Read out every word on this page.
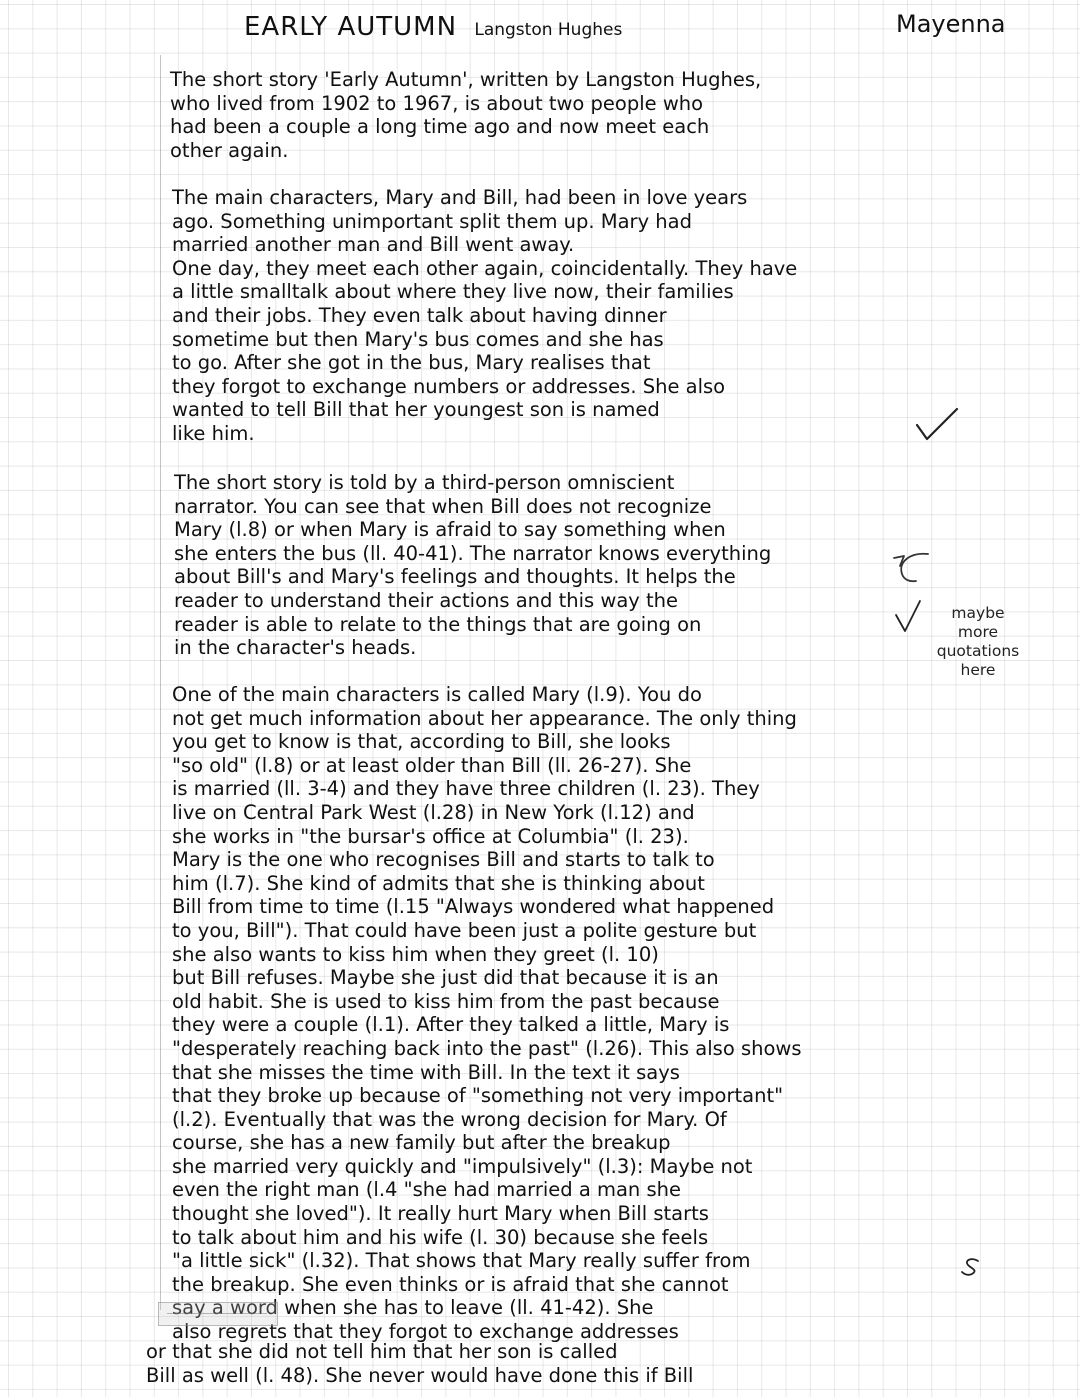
EARLY AUTUMN Langston Hughes	Mayenna

The short story 'Early Autumn', written by Langston Hughes,
who lived from 1902 to 1967, is about two people who
had been a couple a long time ago and now meet each
other again.

The main characters, Mary and Bill, had been in love years
ago. Something unimportant split them up. Mary had
married another man and Bill went away.
One day, they meet each other again, coincidentally. They have
a little smalltalk about where they live now, their families
and their jobs. They even talk about having dinner
sometime but then Mary's bus comes and she has
to go. After she got in the bus, Mary realises that
they forgot to exchange numbers or addresses. She also
wanted to tell Bill that her youngest son is named
like him.

The short story is told by a third-person omniscient
narrator. You can see that when Bill does not recognize
Mary (l.8) or when Mary is afraid to say something when
she enters the bus (ll. 40-41). The narrator knows everything
about Bill's and Mary's feelings and thoughts. It helps the
reader to understand their actions and this way the
reader is able to relate to the things that are going on
in the character's heads.

One of the main characters is called Mary (l.9). You do
not get much information about her appearance. The only thing
you get to know is that, according to Bill, she looks
"so old" (l.8) or at least older than Bill (ll. 26-27). She
is married (ll. 3-4) and they have three children (l. 23). They
live on Central Park West (l.28) in New York (l.12) and
she works in "the bursar's office at Columbia" (l. 23).
Mary is the one who recognises Bill and starts to talk to
him (l.7). She kind of admits that she is thinking about
Bill from time to time (l.15 "Always wondered what happened
to you, Bill"). That could have been just a polite gesture but
she also wants to kiss him when they greet (l. 10)
but Bill refuses. Maybe she just did that because it is an
old habit. She is used to kiss him from the past because
they were a couple (l.1). After they talked a little, Mary is
"desperately reaching back into the past" (l.26). This also shows
that she misses the time with Bill. In the text it says
that they broke up because of "something not very important"
(l.2). Eventually that was the wrong decision for Mary. Of
course, she has a new family but after the breakup
she married very quickly and "impulsively" (l.3): Maybe not
even the right man (l.4 "she had married a man she
thought she loved"). It really hurt Mary when Bill starts
to talk about him and his wife (l. 30) because she feels
"a little sick" (l.32). That shows that Mary really suffer from
the breakup. She even thinks or is afraid that she cannot
say a word when she has to leave (ll. 41-42). She
also regrets that they forgot to exchange addresses

or that she did not tell him that her son is called
Bill as well (l. 48). She never would have done this if Bill

maybe
more
quotations
here
